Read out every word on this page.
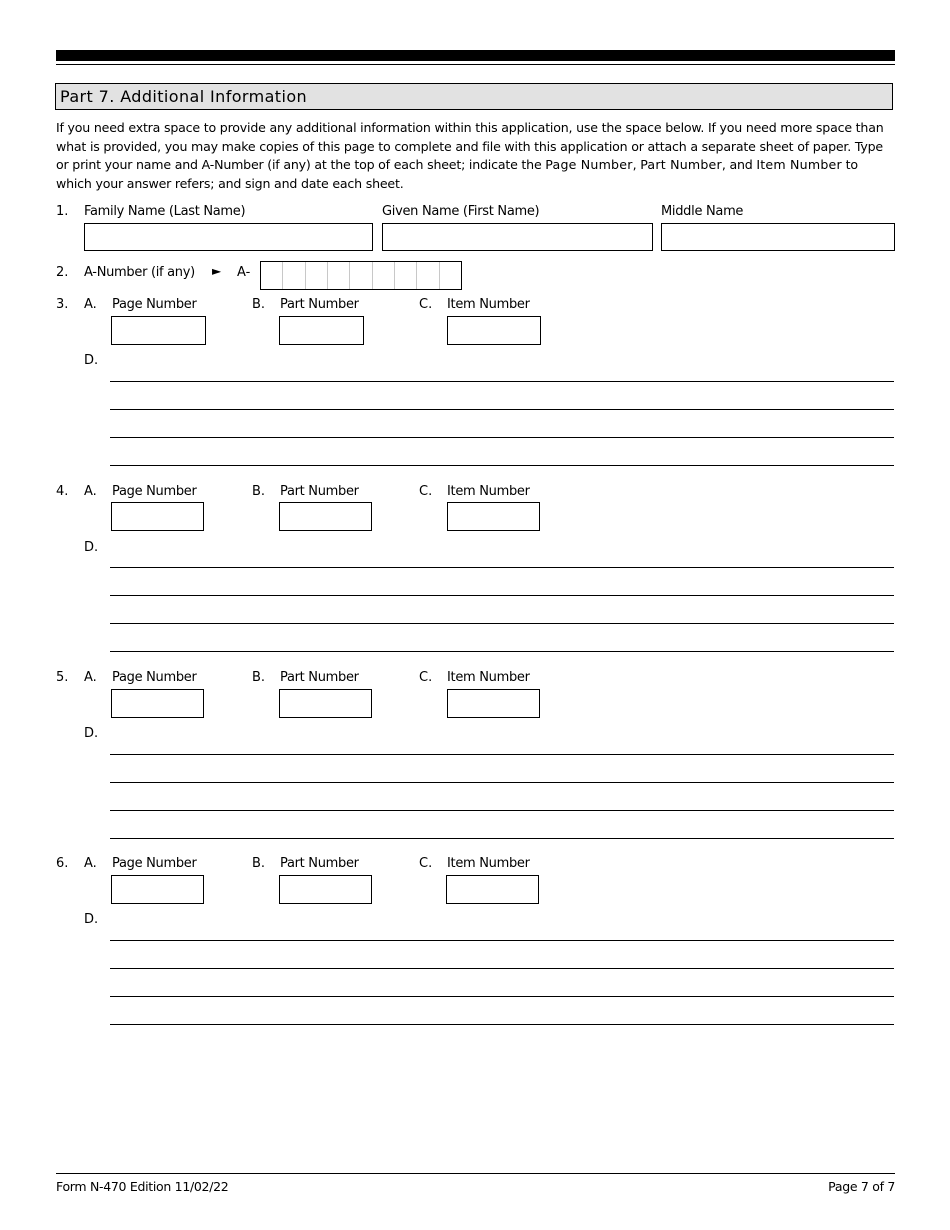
Part 7. Additional Information

If you need extra space to provide any additional information within this application, use the space below. If you need more space than what is provided, you may make copies of this page to complete and file with this application or attach a separate sheet of paper. Type or print your name and A-Number (if any) at the top of each sheet; indicate the Page Number, Part Number, and Item Number to which your answer refers; and sign and date each sheet.

1. Family Name (Last Name)	Given Name (First Name)	Middle Name
2. A-Number (if any) ► A-
3. A. Page Number	B. Part Number	C. Item Number
D.
4. A. Page Number	B. Part Number	C. Item Number
D.
5. A. Page Number	B. Part Number	C. Item Number
D.
6. A. Page Number	B. Part Number	C. Item Number
D.
Form N-470 Edition 11/02/22	Page 7 of 7
